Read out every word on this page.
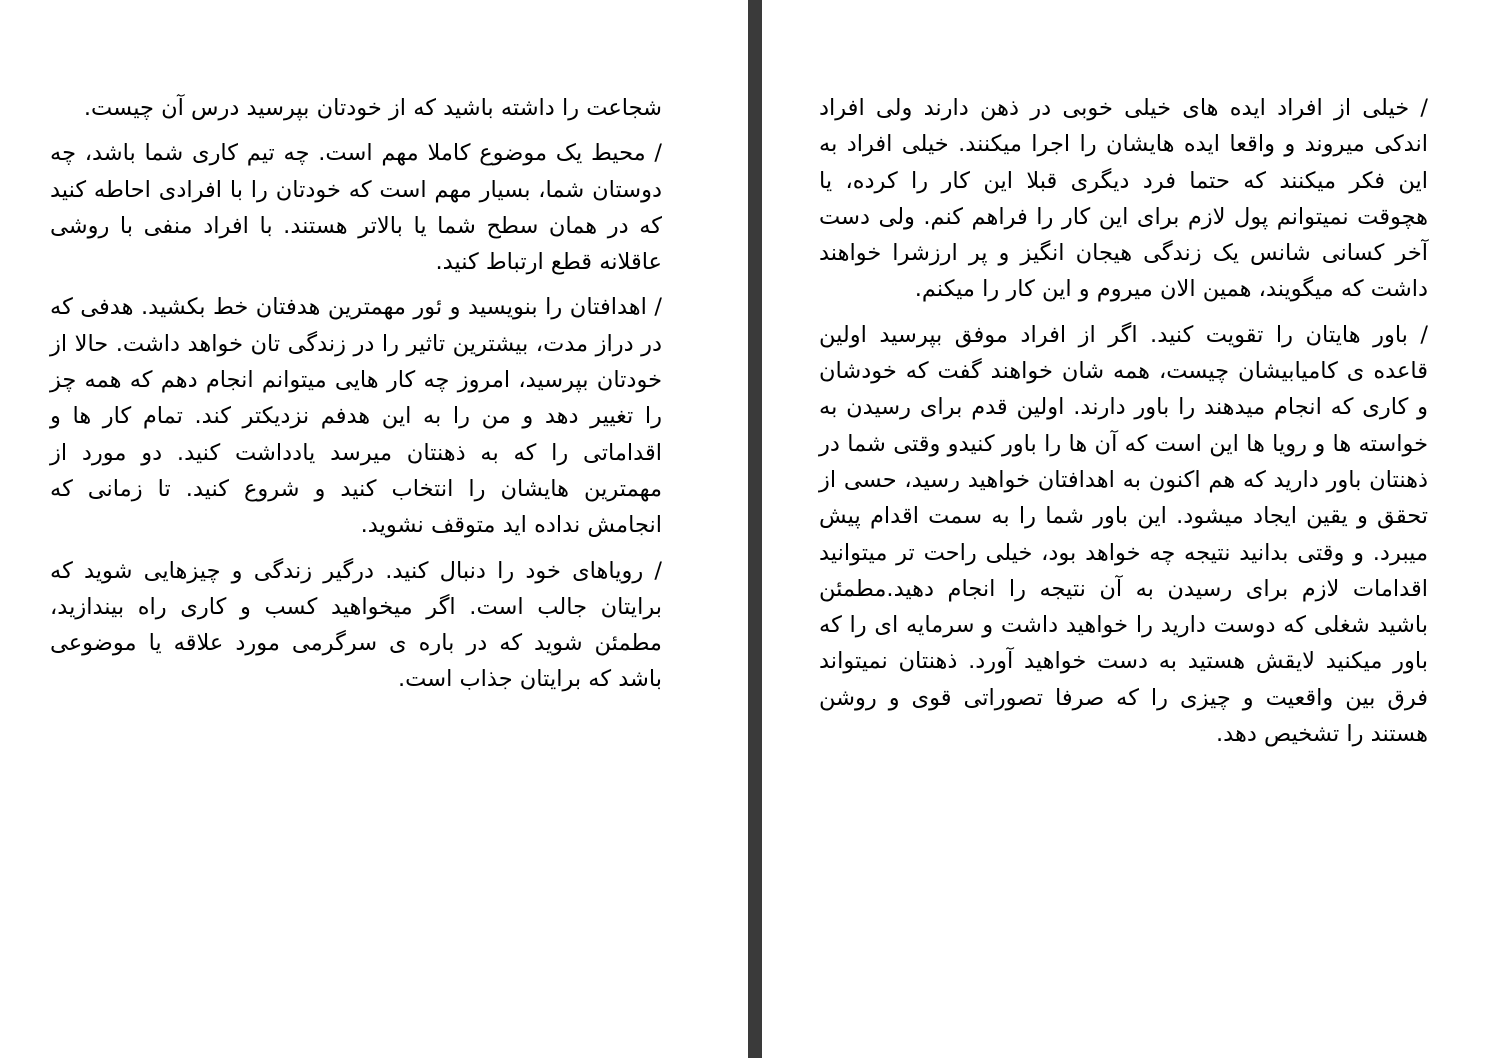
شجاعت را داشته باشید که از خودتان بپرسید درس آن چیست.

/ محیط یک موضوع کاملا مهم است. چه تیم کاری شما باشد، چه دوستان شما، بسیار مهم است که خودتان را با افرادی احاطه کنید که در همان سطح شما یا بالاتر هستند. با افراد منفی با روشی عاقلانه قطع ارتباط کنید.

/ اهدافتان را بنویسید و ئور مهمترین هدفتان خط بکشید. هدفی که در دراز مدت، بیشترین تاثیر را در زندگی تان خواهد داشت. حالا از خودتان بپرسید، امروز چه کار هایی میتوانم انجام دهم که همه چز را تغییر دهد و من را به این هدفم نزدیکتر کند. تمام کار ها و اقداماتی را که به ذهنتان میرسد یادداشت کنید. دو مورد از مهمترین هایشان را انتخاب کنید و شروع کنید. تا زمانی که انجامش نداده اید متوقف نشوید.

/ رویاهای خود را دنبال کنید. درگیر زندگی و چیزهایی شوید که برایتان جالب است. اگر میخواهید کسب و کاری راه بیندازید، مطمئن شوید که در باره ی سرگرمی مورد علاقه یا موضوعی باشد که برایتان جذاب است.

/ خیلی از افراد ایده های خیلی خوبی در ذهن دارند ولی افراد اندکی میروند و واقعا ایده هایشان را اجرا میکنند. خیلی افراد به این فکر میکنند که حتما فرد دیگری قبلا این کار را کرده، یا هچوقت نمیتوانم پول لازم برای این کار را فراهم کنم. ولی دست آخر کسانی شانس یک زندگی هیجان انگیز و پر ارزشرا خواهند داشت که میگویند، همین الان میروم و این کار را میکنم.

/ باور هایتان را تقویت کنید. اگر از افراد موفق بپرسید اولین قاعده ی کامیابیشان چیست، همه شان خواهند گفت که خودشان و کاری که انجام میدهند را باور دارند. اولین قدم برای رسیدن به خواسته ها و رویا ها این است که آن ها را باور کنیدو وقتی شما در ذهنتان باور دارید که هم اکنون به اهدافتان خواهید رسید، حسی از تحقق و یقین ایجاد میشود. این باور شما را به سمت اقدام پیش میبرد. و وقتی بدانید نتیجه چه خواهد بود، خیلی راحت تر میتوانید اقدامات لازم برای رسیدن به آن نتیجه را انجام دهید.مطمئن باشید شغلی که دوست دارید را خواهید داشت و سرمایه ای را که باور میکنید لایقش هستید به دست خواهید آورد. ذهنتان نمیتواند فرق بین واقعیت و چیزی را که صرفا تصوراتی قوی و روشن هستند را تشخیص دهد.
